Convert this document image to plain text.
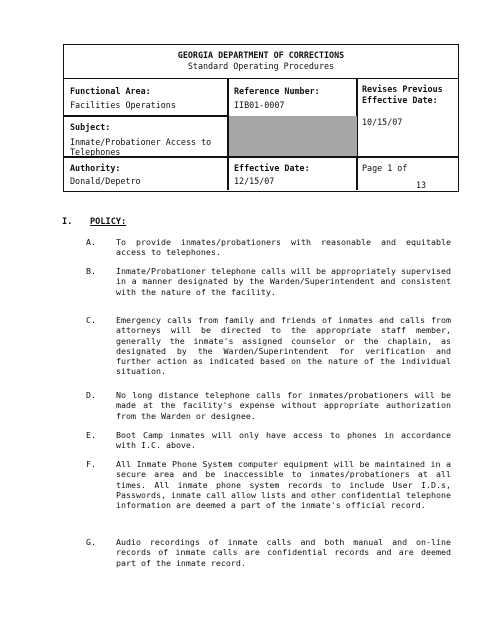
GEORGIA DEPARTMENT OF CORRECTIONS
Standard Operating Procedures
Functional Area:
Facilities Operations
Reference Number:
IIB01-0007
Revises Previous Effective Date:
10/15/07
Subject:
Inmate/Probationer Access to Telephones
Authority:
Donald/Depetro
Effective Date:
12/15/07
Page 1 of
13
I. POLICY:
A. To provide inmates/probationers with reasonable and equitable access to telephones.
B. Inmate/Probationer telephone calls will be appropriately supervised in a manner designated by the Warden/Superintendent and consistent with the nature of the facility.
C. Emergency calls from family and friends of inmates and calls from attorneys will be directed to the appropriate staff member, generally the inmate's assigned counselor or the chaplain, as designated by the Warden/Superintendent for verification and further action as indicated based on the nature of the individual situation.
D. No long distance telephone calls for inmates/probationers will be made at the facility's expense without appropriate authorization from the Warden or designee.
E. Boot Camp inmates will only have access to phones in accordance with I.C. above.
F. All Inmate Phone System computer equipment will be maintained in a secure area and be inaccessible to inmates/probationers at all times. All inmate phone system records to include User I.D.s, Passwords, inmate call allow lists and other confidential telephone information are deemed a part of the inmate's official record.
G. Audio recordings of inmate calls and both manual and on-line records of inmate calls are confidential records and are deemed part of the inmate record.
